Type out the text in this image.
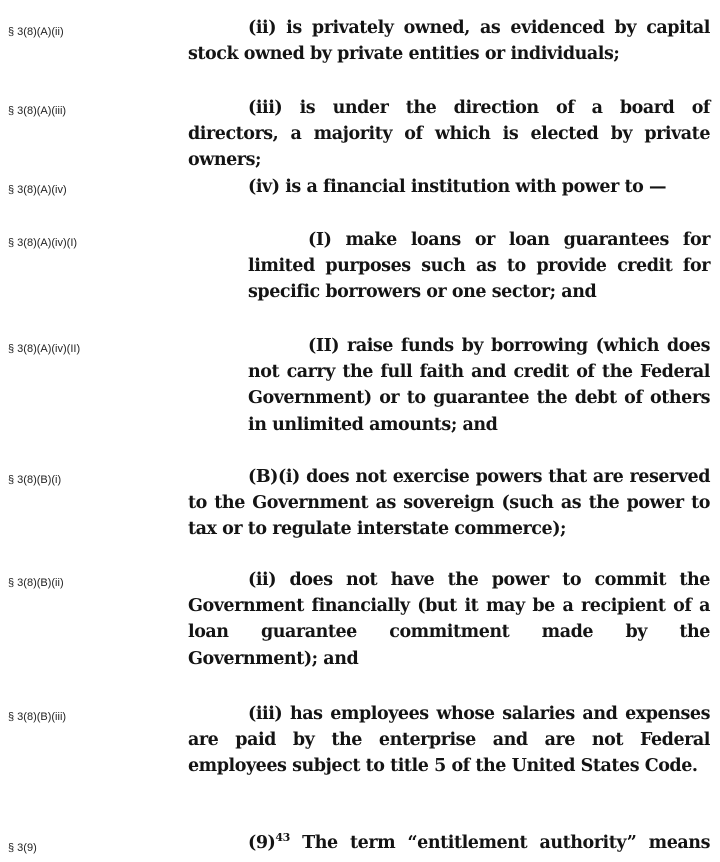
§ 3(8)(A)(ii)	(ii) is privately owned, as evidenced by capital stock owned by private entities or individuals;
§ 3(8)(A)(iii)	(iii) is under the direction of a board of directors, a majority of which is elected by private owners;
§ 3(8)(A)(iv)	(iv) is a financial institution with power to —
§ 3(8)(A)(iv)(I)	(I) make loans or loan guarantees for limited purposes such as to provide credit for specific borrowers or one sector; and
§ 3(8)(A)(iv)(II)	(II) raise funds by borrowing (which does not carry the full faith and credit of the Federal Government) or to guarantee the debt of others in unlimited amounts; and
§ 3(8)(B)(i)	(B)(i) does not exercise powers that are reserved to the Government as sovereign (such as the power to tax or to regulate interstate commerce);
§ 3(8)(B)(ii)	(ii) does not have the power to commit the Government financially (but it may be a recipient of a loan guarantee commitment made by the Government); and
§ 3(8)(B)(iii)	(iii) has employees whose salaries and expenses are paid by the enterprise and are not Federal employees subject to title 5 of the United States Code.
§ 3(9)	$(9)^{43}$ The term “entitlement authority” means
